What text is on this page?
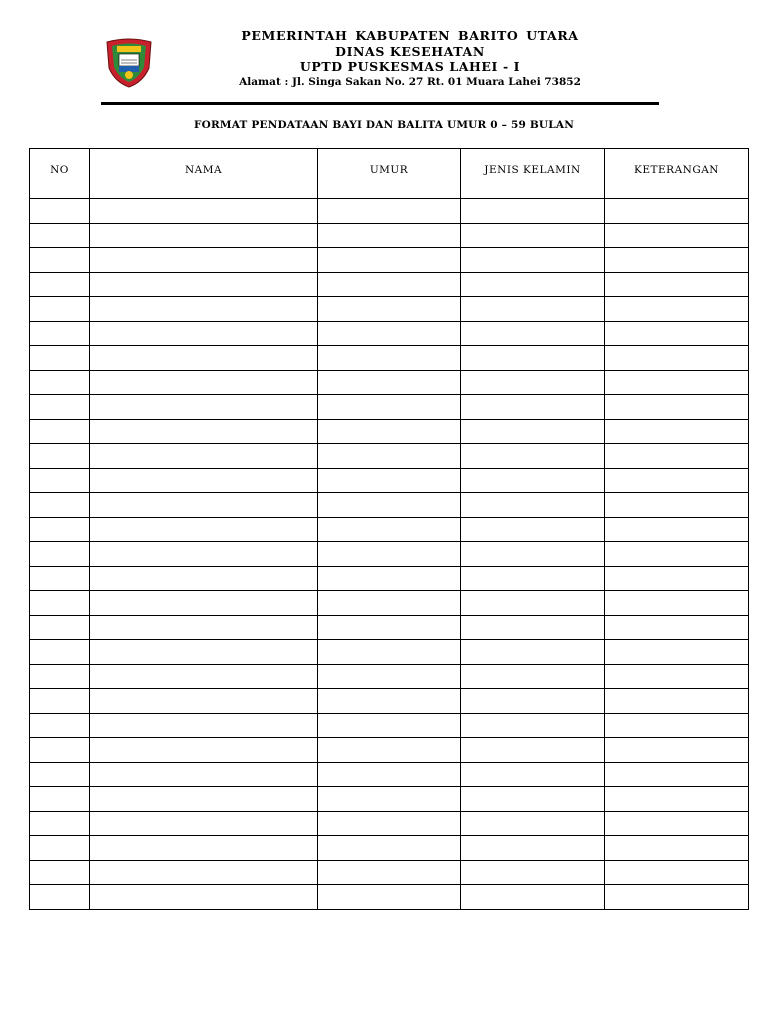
PEMERINTAH KABUPATEN BARITO UTARA
DINAS KESEHATAN
UPTD PUSKESMAS LAHEI - I
Alamat : Jl. Singa Sakan No. 27 Rt. 01 Muara Lahei 73852
FORMAT PENDATAAN BAYI DAN BALITA UMUR 0 – 59 BULAN
NO	NAMA	UMUR	JENIS KELAMIN	KETERANGAN
